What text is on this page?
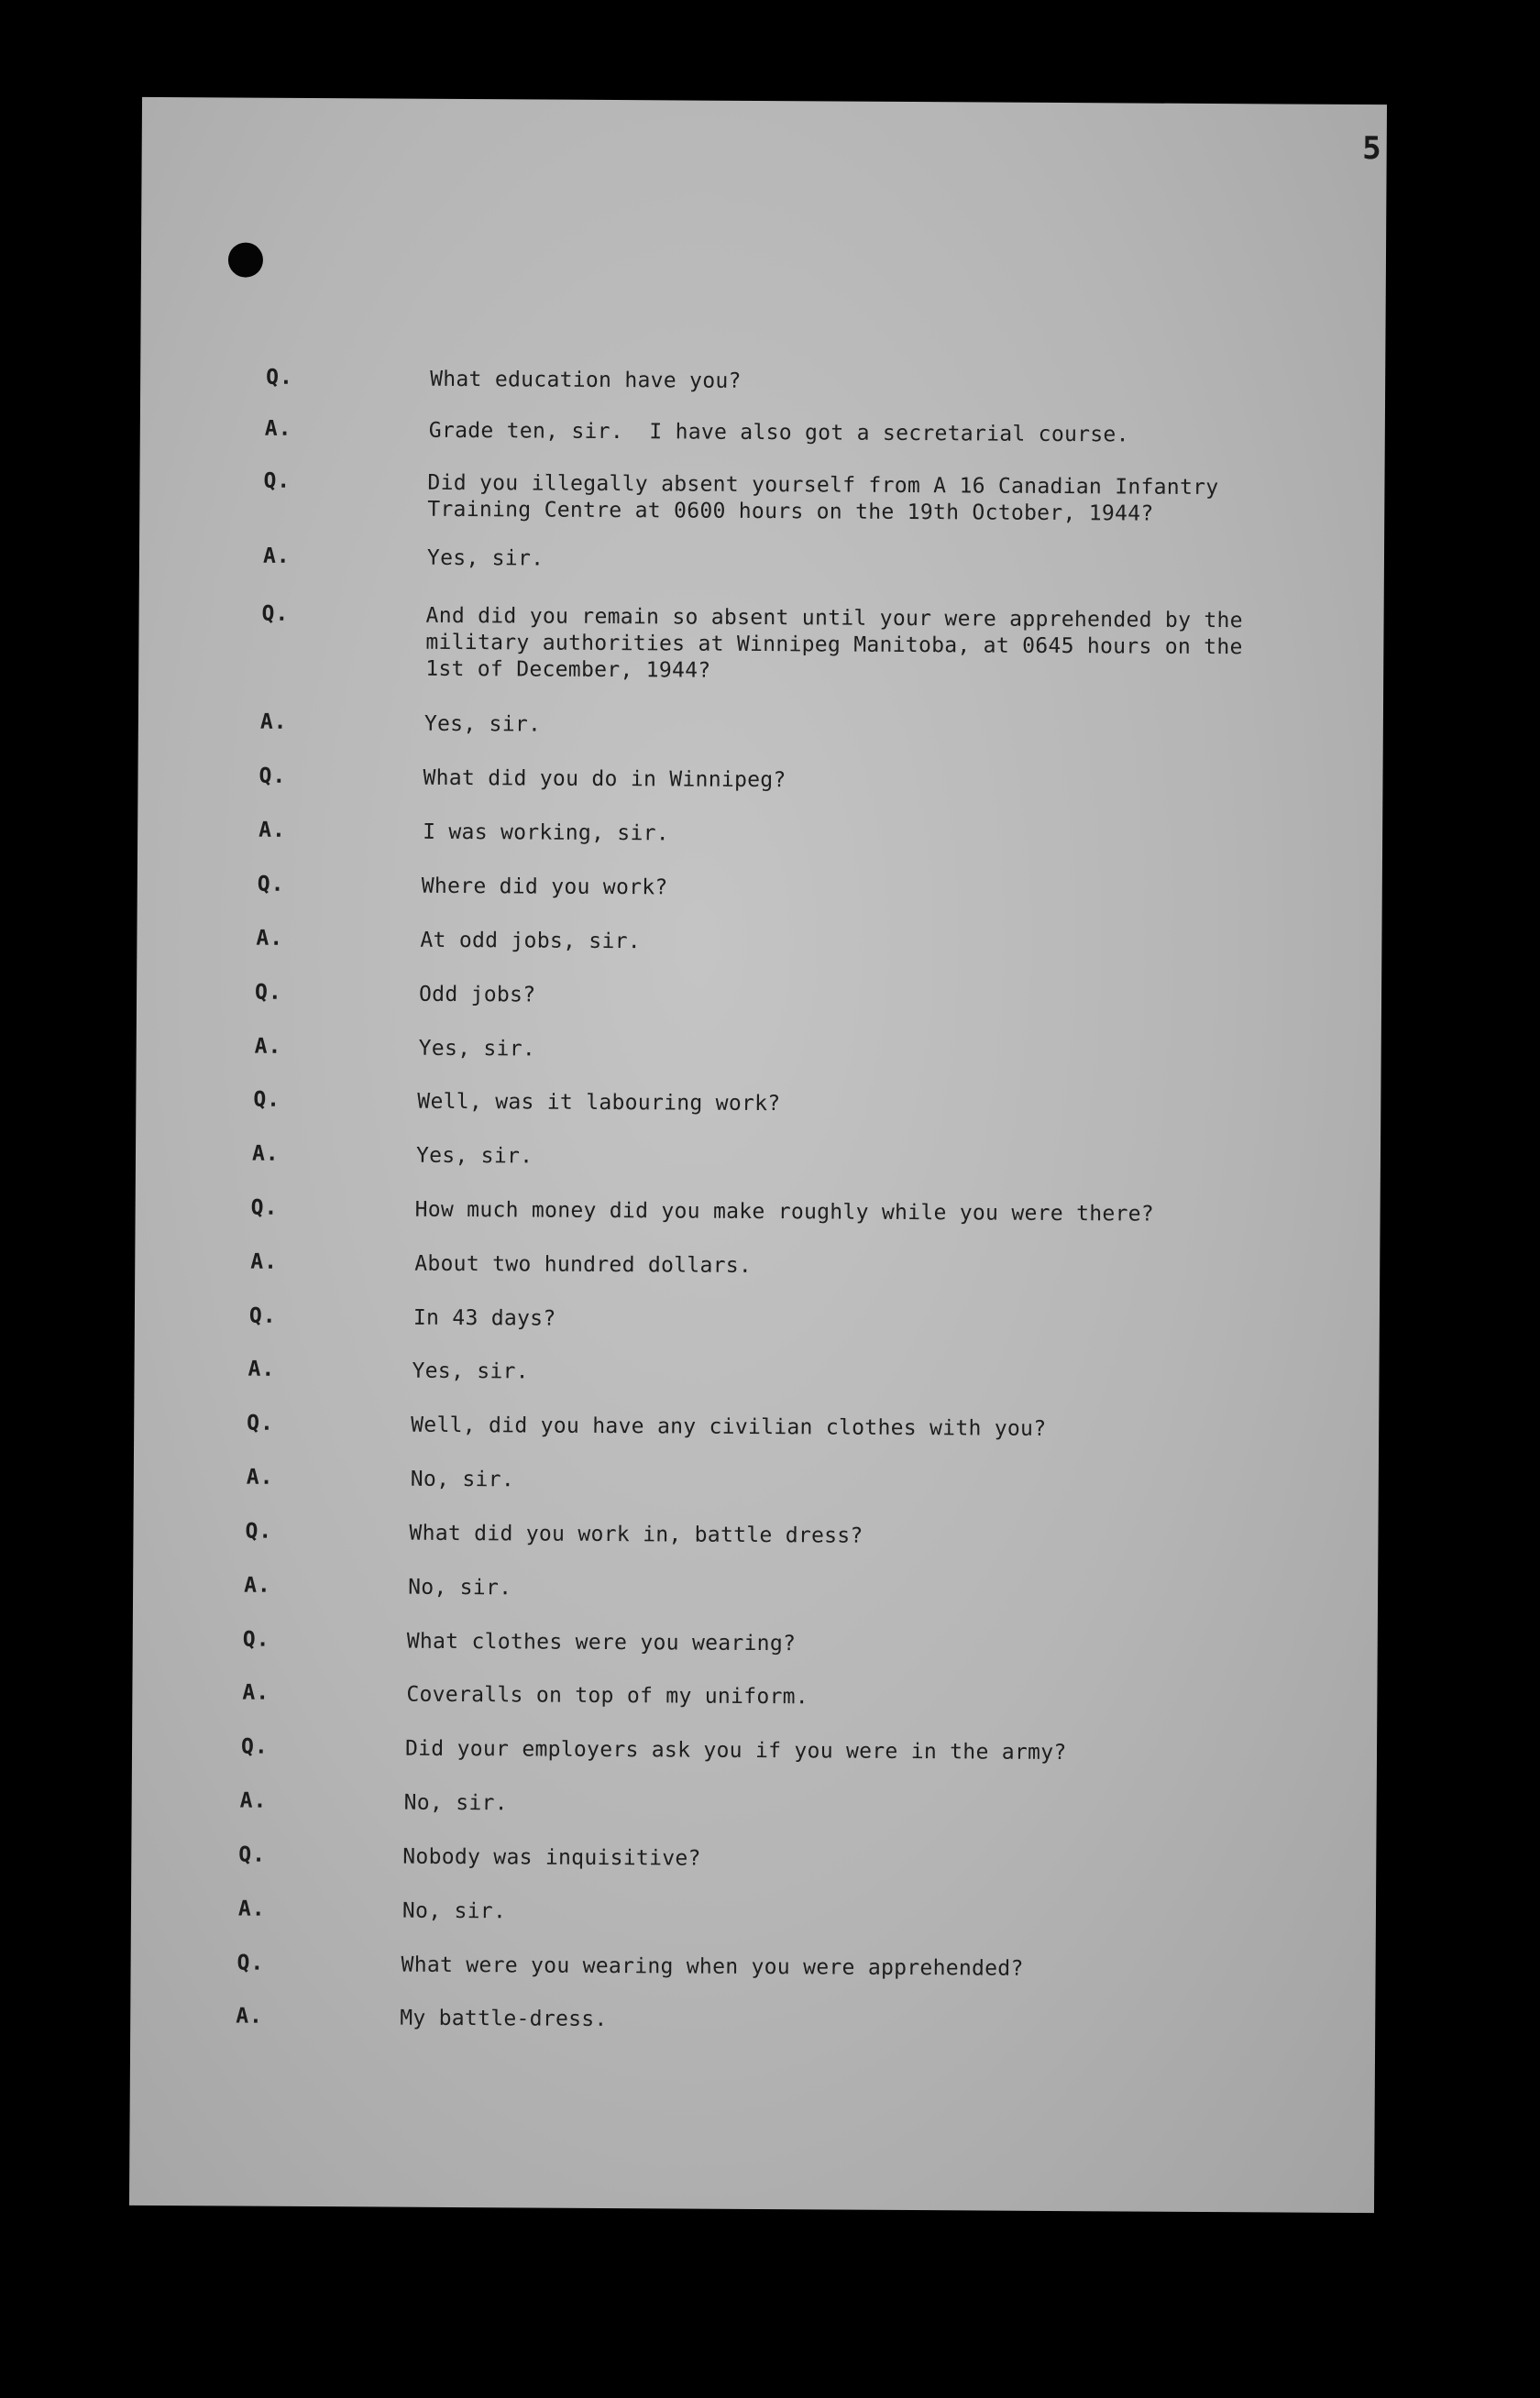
5
Q.	What education have you?
A.	Grade ten, sir.  I have also got a secretarial course.
Q.	Did you illegally absent yourself from A 16 Canadian Infantry
Training Centre at 0600 hours on the 19th October, 1944?
A.	Yes, sir.
Q.	And did you remain so absent until your were apprehended by the
military authorities at Winnipeg Manitoba, at 0645 hours on the
1st of December, 1944?
A.	Yes, sir.
Q.	What did you do in Winnipeg?
A.	I was working, sir.
Q.	Where did you work?
A.	At odd jobs, sir.
Q.	Odd jobs?
A.	Yes, sir.
Q.	Well, was it labouring work?
A.	Yes, sir.
Q.	How much money did you make roughly while you were there?
A.	About two hundred dollars.
Q.	In 43 days?
A.	Yes, sir.
Q.	Well, did you have any civilian clothes with you?
A.	No, sir.
Q.	What did you work in, battle dress?
A.	No, sir.
Q.	What clothes were you wearing?
A.	Coveralls on top of my uniform.
Q.	Did your employers ask you if you were in the army?
A.	No, sir.
Q.	Nobody was inquisitive?
A.	No, sir.
Q.	What were you wearing when you were apprehended?
A.	My battle-dress.
